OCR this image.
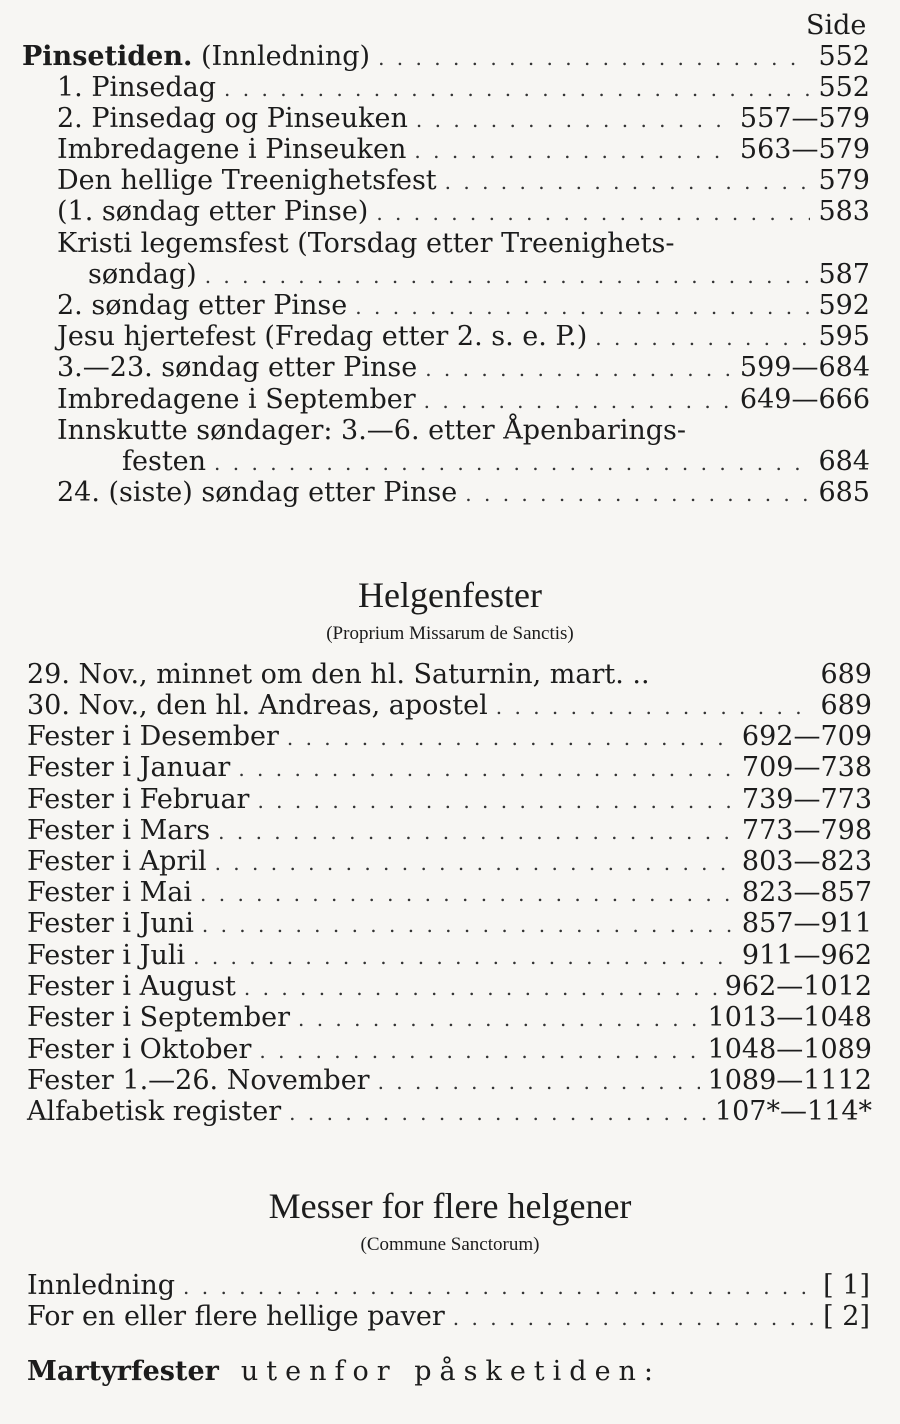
Side
Pinsetiden. (Innledning) . . .	552
1. Pinsedag . . .	552
2. Pinsedag og Pinseuken . . .	557—579
Imbredagene i Pinseuken . . .	563—579
Den hellige Treenighetsfest . . .	579
(1. søndag etter Pinse) . . .	583
Kristi legemsfest (Torsdag etter Treenighets-
søndag) . . .	587
2. søndag etter Pinse . . .	592
Jesu hjertefest (Fredag etter 2. s. e. P.) . . .	595
3.—23. søndag etter Pinse . . .	599—684
Imbredagene i September . . .	649—666
Innskutte søndager: 3.—6. etter Åpenbarings-
festen . . .	684
24. (siste) søndag etter Pinse . . .	685
Helgenfester
(Proprium Missarum de Sanctis)
29. Nov., minnet om den hl. Saturnin, mart. ..	689
30. Nov., den hl. Andreas, apostel . . .	689
Fester i Desember . . .	692—709
Fester i Januar . . .	709—738
Fester i Februar . . .	739—773
Fester i Mars . . .	773—798
Fester i April . . .	803—823
Fester i Mai . . .	823—857
Fester i Juni . . .	857—911
Fester i Juli . . .	911—962
Fester i August . . .	962—1012
Fester i September . . .	1013—1048
Fester i Oktober . . .	1048—1089
Fester 1.—26. November . . .	1089—1112
Alfabetisk register . . .	107*—114*
Messer for flere helgener
(Commune Sanctorum)
Innledning . . .	[ 1]
For en eller flere hellige paver . . .	[ 2]
Martyrfester utenfor påsketiden:
